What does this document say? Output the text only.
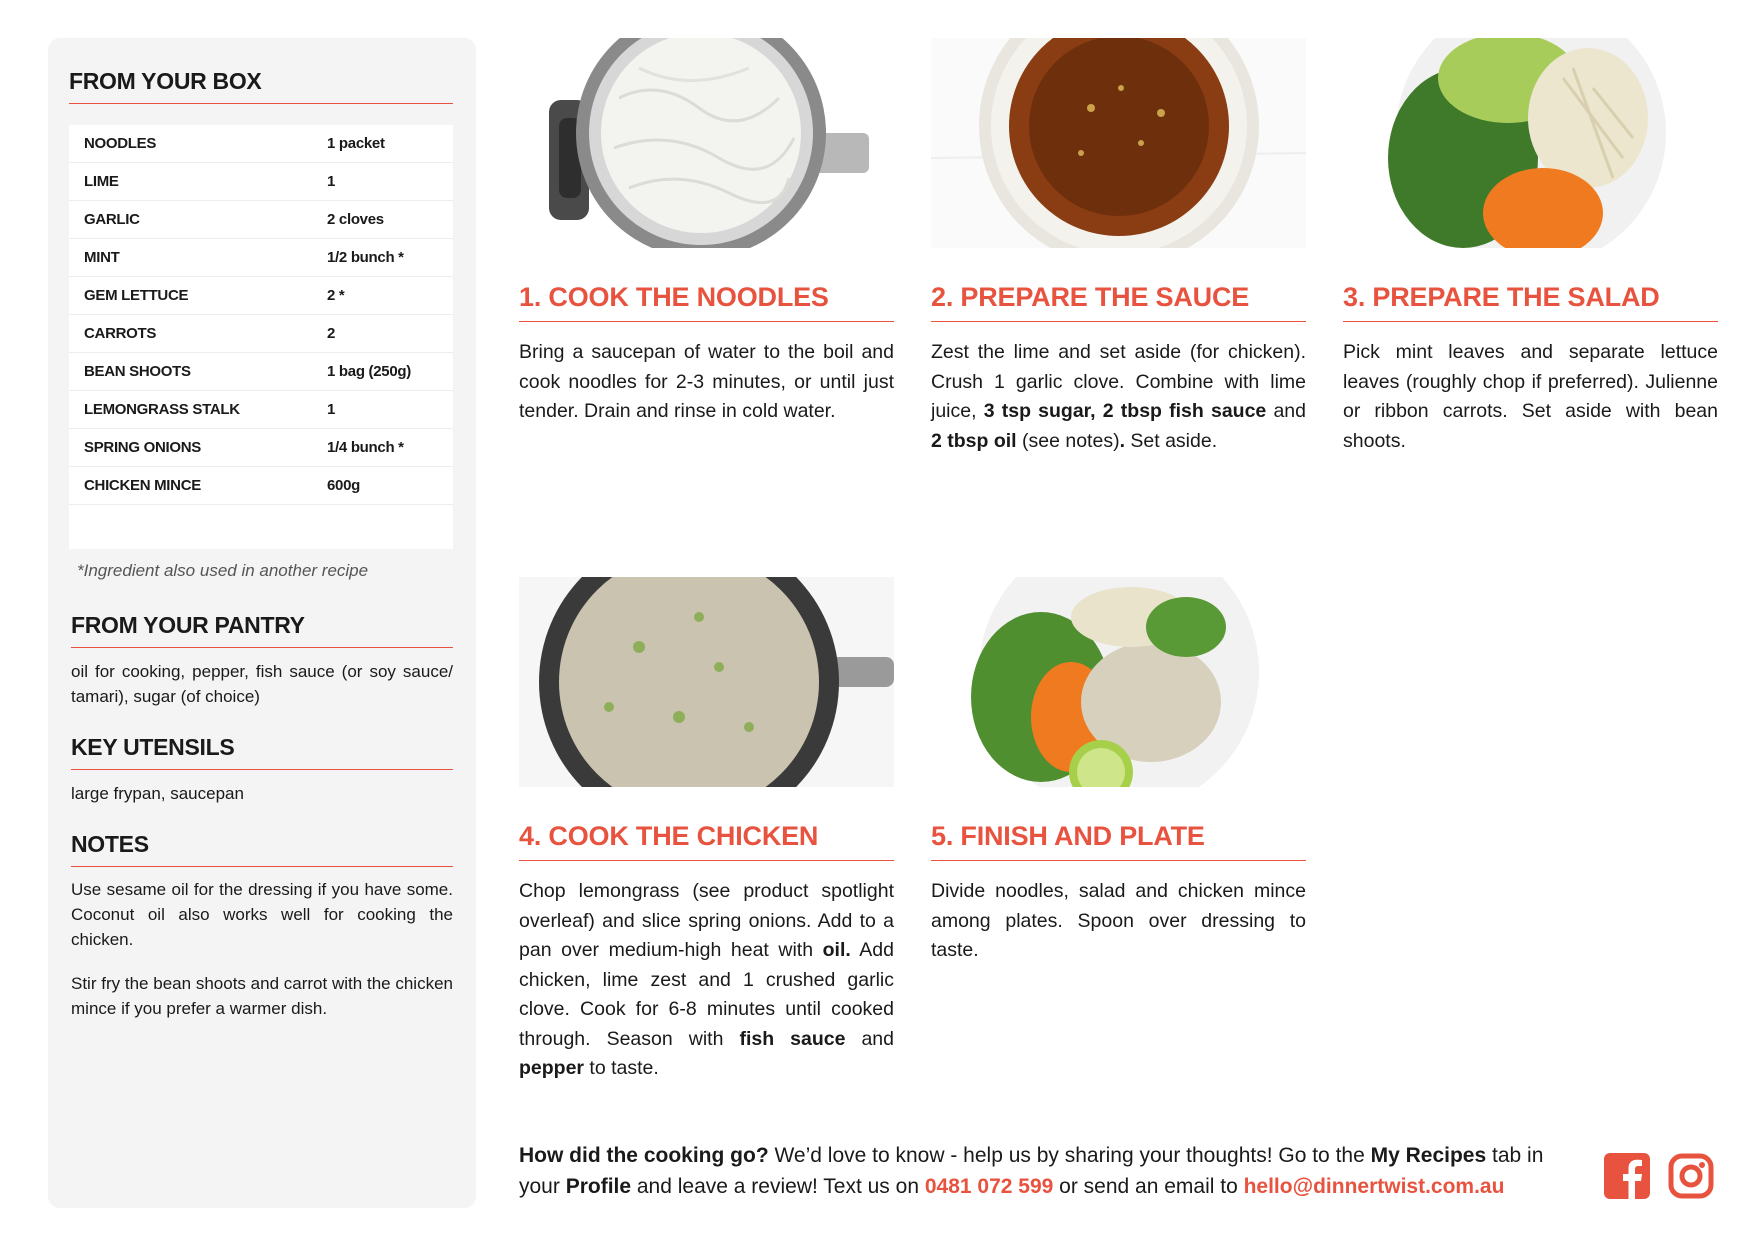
FROM YOUR BOX
NOODLES	1 packet
LIME	1
GARLIC	2 cloves
MINT	1/2 bunch *
GEM LETTUCE	2 *
CARROTS	2
BEAN SHOOTS	1 bag (250g)
LEMONGRASS STALK	1
SPRING ONIONS	1/4 bunch *
CHICKEN MINCE	600g
*Ingredient also used in another recipe
FROM YOUR PANTRY
oil for cooking, pepper, fish sauce (or soy sauce/ tamari), sugar (of choice)
KEY UTENSILS
large frypan, saucepan
NOTES
Use sesame oil for the dressing if you have some. Coconut oil also works well for cooking the chicken.
Stir fry the bean shoots and carrot with the chicken mince if you prefer a warmer dish.
1. COOK THE NOODLES
Bring a saucepan of water to the boil and cook noodles for 2-3 minutes, or until just tender. Drain and rinse in cold water.
2. PREPARE THE SAUCE
Zest the lime and set aside (for chicken). Crush 1 garlic clove. Combine with lime juice, 3 tsp sugar, 2 tbsp fish sauce and 2 tbsp oil (see notes). Set aside.
3. PREPARE THE SALAD
Pick mint leaves and separate lettuce leaves (roughly chop if preferred). Julienne or ribbon carrots. Set aside with bean shoots.
4. COOK THE CHICKEN
Chop lemongrass (see product spotlight overleaf) and slice spring onions. Add to a pan over medium-high heat with oil. Add chicken, lime zest and 1 crushed garlic clove. Cook for 6-8 minutes until cooked through. Season with fish sauce and pepper to taste.
5. FINISH AND PLATE
Divide noodles, salad and chicken mince among plates. Spoon over dressing to taste.
How did the cooking go? We’d love to know - help us by sharing your thoughts! Go to the My Recipes tab in your Profile and leave a review! Text us on 0481 072 599 or send an email to hello@dinnertwist.com.au
